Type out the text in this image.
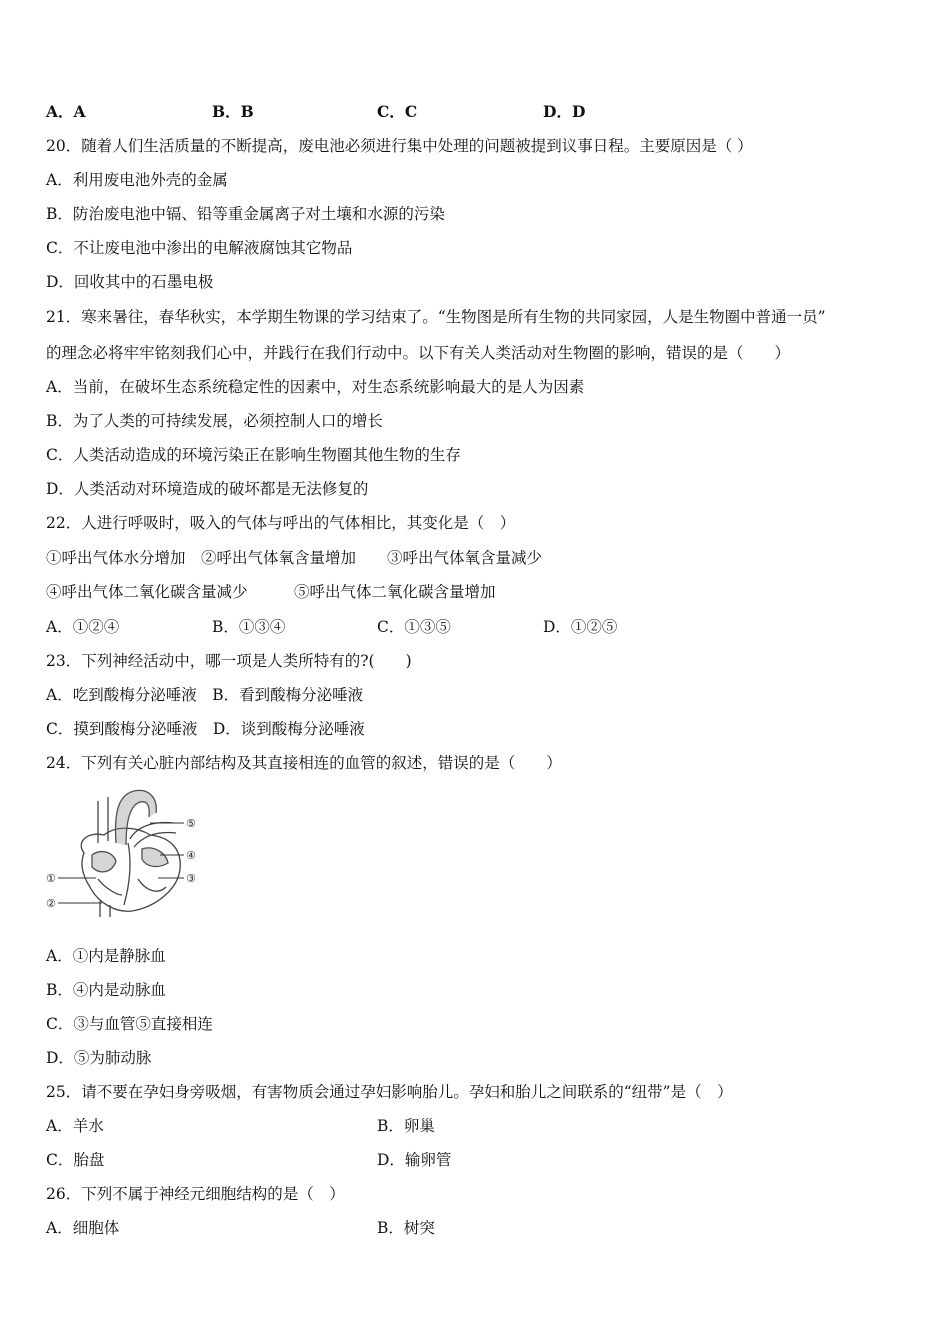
A．A	B．B	C．C	D．D
20．随着人们生活质量的不断提高，废电池必须进行集中处理的问题被提到议事日程。主要原因是（ ）
A．利用废电池外壳的金属
B．防治废电池中镉、铅等重金属离子对土壤和水源的污染
C．不让废电池中渗出的电解液腐蚀其它物品
D．回收其中的石墨电极
21．寒来暑往，春华秋实，本学期生物课的学习结束了。“生物图是所有生物的共同家园，人是生物圈中普通一员”
的理念必将牢牢铭刻我们心中，并践行在我们行动中。以下有关人类活动对生物圈的影响，错误的是（　　）
A．当前，在破坏生态系统稳定性的因素中，对生态系统影响最大的是人为因素
B．为了人类的可持续发展，必须控制人口的增长
C．人类活动造成的环境污染正在影响生物圈其他生物的生存
D．人类活动对环境造成的破坏都是无法修复的
22．人进行呼吸时，吸入的气体与呼出的气体相比，其变化是（　）
①呼出气体水分增加　②呼出气体氧含量增加　　③呼出气体氧含量减少
④呼出气体二氧化碳含量减少　　　⑤呼出气体二氧化碳含量增加
A．①②④	B．①③④	C．①③⑤	D．①②⑤
23．下列神经活动中，哪一项是人类所特有的?(　　)
A．吃到酸梅分泌唾液　B．看到酸梅分泌唾液
C．摸到酸梅分泌唾液　D．谈到酸梅分泌唾液
24．下列有关心脏内部结构及其直接相连的血管的叙述，错误的是（　　）
①
②
③
④
⑤
A．①内是静脉血
B．④内是动脉血
C．③与血管⑤直接相连
D．⑤为肺动脉
25．请不要在孕妇身旁吸烟，有害物质会通过孕妇影响胎儿。孕妇和胎儿之间联系的“纽带”是（　）
A．羊水	B．卵巢
C．胎盘	D．输卵管
26．下列不属于神经元细胞结构的是（　）
A．细胞体	B．树突
